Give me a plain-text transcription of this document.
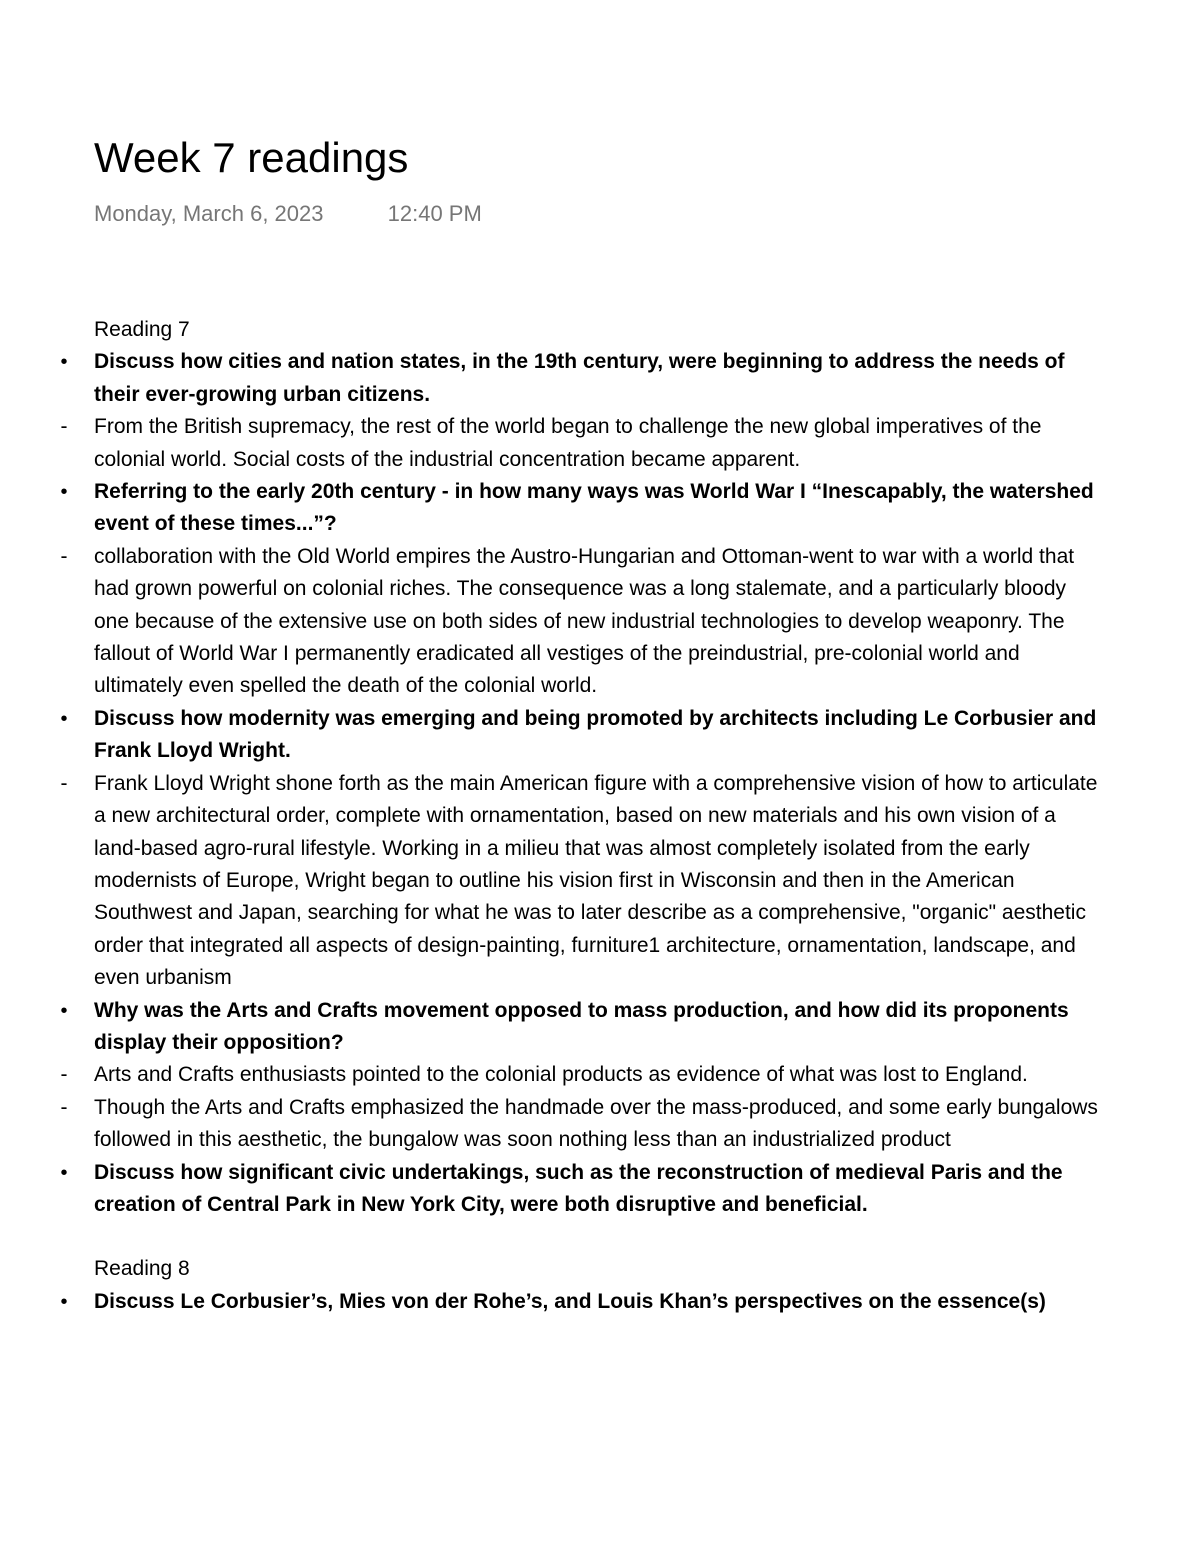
Week 7 readings
Monday, March 6, 2023	12:40 PM

Reading 7

• Discuss how cities and nation states, in the 19th century, were beginning to address the needs of their ever-growing urban citizens.

- From the British supremacy, the rest of the world began to challenge the new global imperatives of the colonial world. Social costs of the industrial concentration became apparent.

• Referring to the early 20th century - in how many ways was World War I “Inescapably, the watershed event of these times...”?

- collaboration with the Old World empires the Austro-Hungarian and Ottoman-went to war with a world that had grown powerful on colonial riches. The consequence was a long stalemate, and a particularly bloody one because of the extensive use on both sides of new industrial technologies to develop weaponry. The fallout of World War I permanently eradicated all vestiges of the preindustrial, pre-colonial world and ultimately even spelled the death of the colonial world.

• Discuss how modernity was emerging and being promoted by architects including Le Corbusier and Frank Lloyd Wright.

- Frank Lloyd Wright shone forth as the main American figure with a comprehensive vision of how to articulate a new architectural order, complete with ornamentation, based on new materials and his own vision of a land-based agro-rural lifestyle. Working in a milieu that was almost completely isolated from the early modernists of Europe, Wright began to outline his vision first in Wisconsin and then in the American Southwest and Japan, searching for what he was to later describe as a comprehensive, "organic" aesthetic order that integrated all aspects of design-painting, furniture1 architecture, ornamentation, landscape, and even urbanism

• Why was the Arts and Crafts movement opposed to mass production, and how did its proponents display their opposition?

- Arts and Crafts enthusiasts pointed to the colonial products as evidence of what was lost to England.

- Though the Arts and Crafts emphasized the handmade over the mass-produced, and some early bungalows followed in this aesthetic, the bungalow was soon nothing less than an industrialized product

• Discuss how significant civic undertakings, such as the reconstruction of medieval Paris and the creation of Central Park in New York City, were both disruptive and beneficial.

Reading 8

• Discuss Le Corbusier’s, Mies von der Rohe’s, and Louis Khan’s perspectives on the essence(s)
